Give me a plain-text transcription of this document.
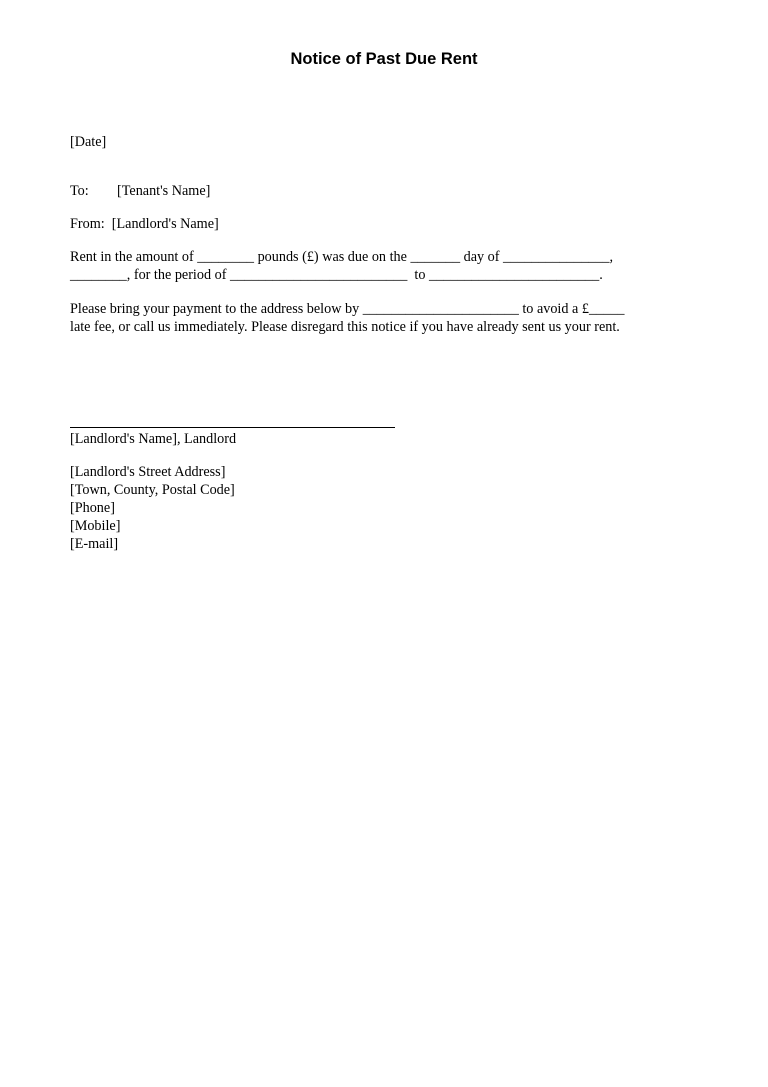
Notice of Past Due Rent
[Date]
To: [Tenant's Name]
From:  [Landlord's Name]
Rent in the amount of ________ pounds (£) was due on the _______ day of _______________,
________, for the period of _________________________  to ________________________.
Please bring your payment to the address below by ______________________ to avoid a £_____
late fee, or call us immediately. Please disregard this notice if you have already sent us your rent.
[Landlord's Name], Landlord
[Landlord's Street Address]
[Town, County, Postal Code]
[Phone]
[Mobile]
[E-mail]
